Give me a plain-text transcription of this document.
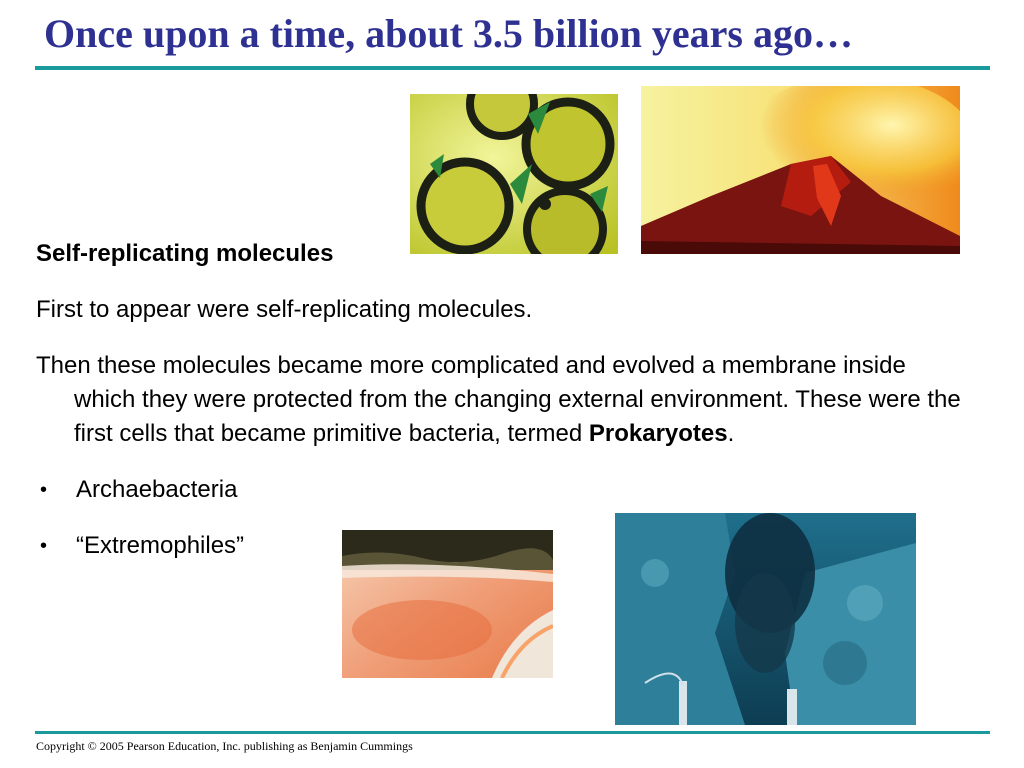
Once upon a time, about 3.5 billion years ago…

Self-replicating molecules

First to appear were self-replicating molecules.

Then these molecules became more complicated and evolved a membrane inside which they were protected from the changing external environment. These were the first cells that became primitive bacteria, termed Prokaryotes.

• Archaebacteria
• “Extremophiles”
Copyright © 2005 Pearson Education, Inc. publishing as Benjamin Cummings
